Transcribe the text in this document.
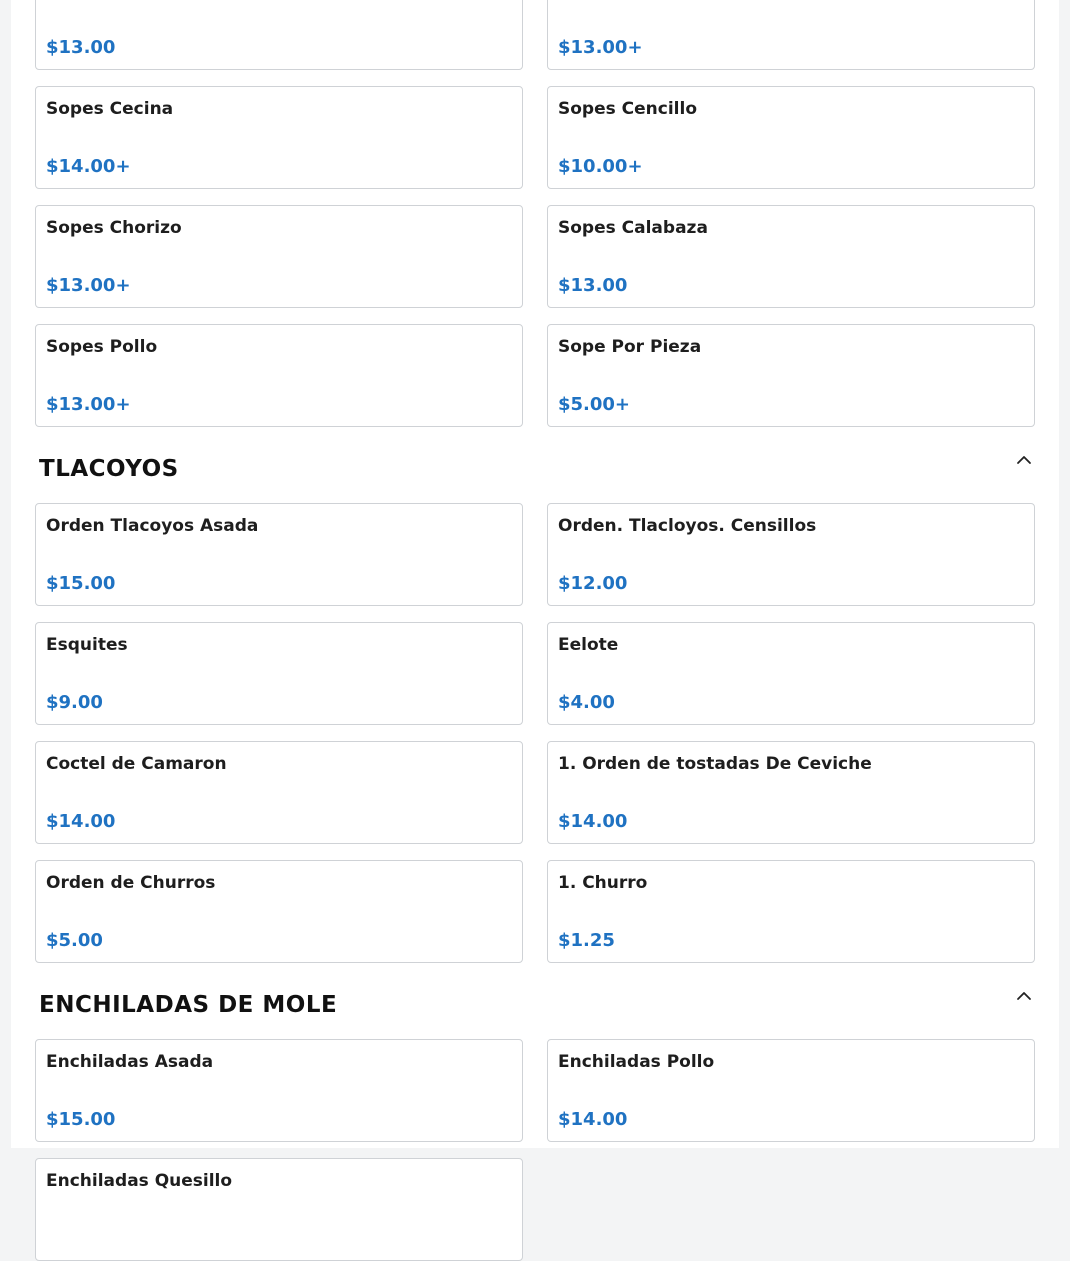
$13.00	$13.00+
Sopes Cecina
$14.00+
Sopes Cencillo
$10.00+
Sopes Chorizo
$13.00+
Sopes Calabaza
$13.00
Sopes Pollo
$13.00+
Sope Por Pieza
$5.00+
TLACOYOS
Orden Tlacoyos Asada
$15.00
Orden. Tlacloyos. Censillos
$12.00
Esquites
$9.00
Eelote
$4.00
Coctel de Camaron
$14.00
1. Orden de tostadas De Ceviche
$14.00
Orden de Churros
$5.00
1. Churro
$1.25
ENCHILADAS DE MOLE
Enchiladas Asada
$15.00
Enchiladas Pollo
$14.00
Enchiladas Quesillo
